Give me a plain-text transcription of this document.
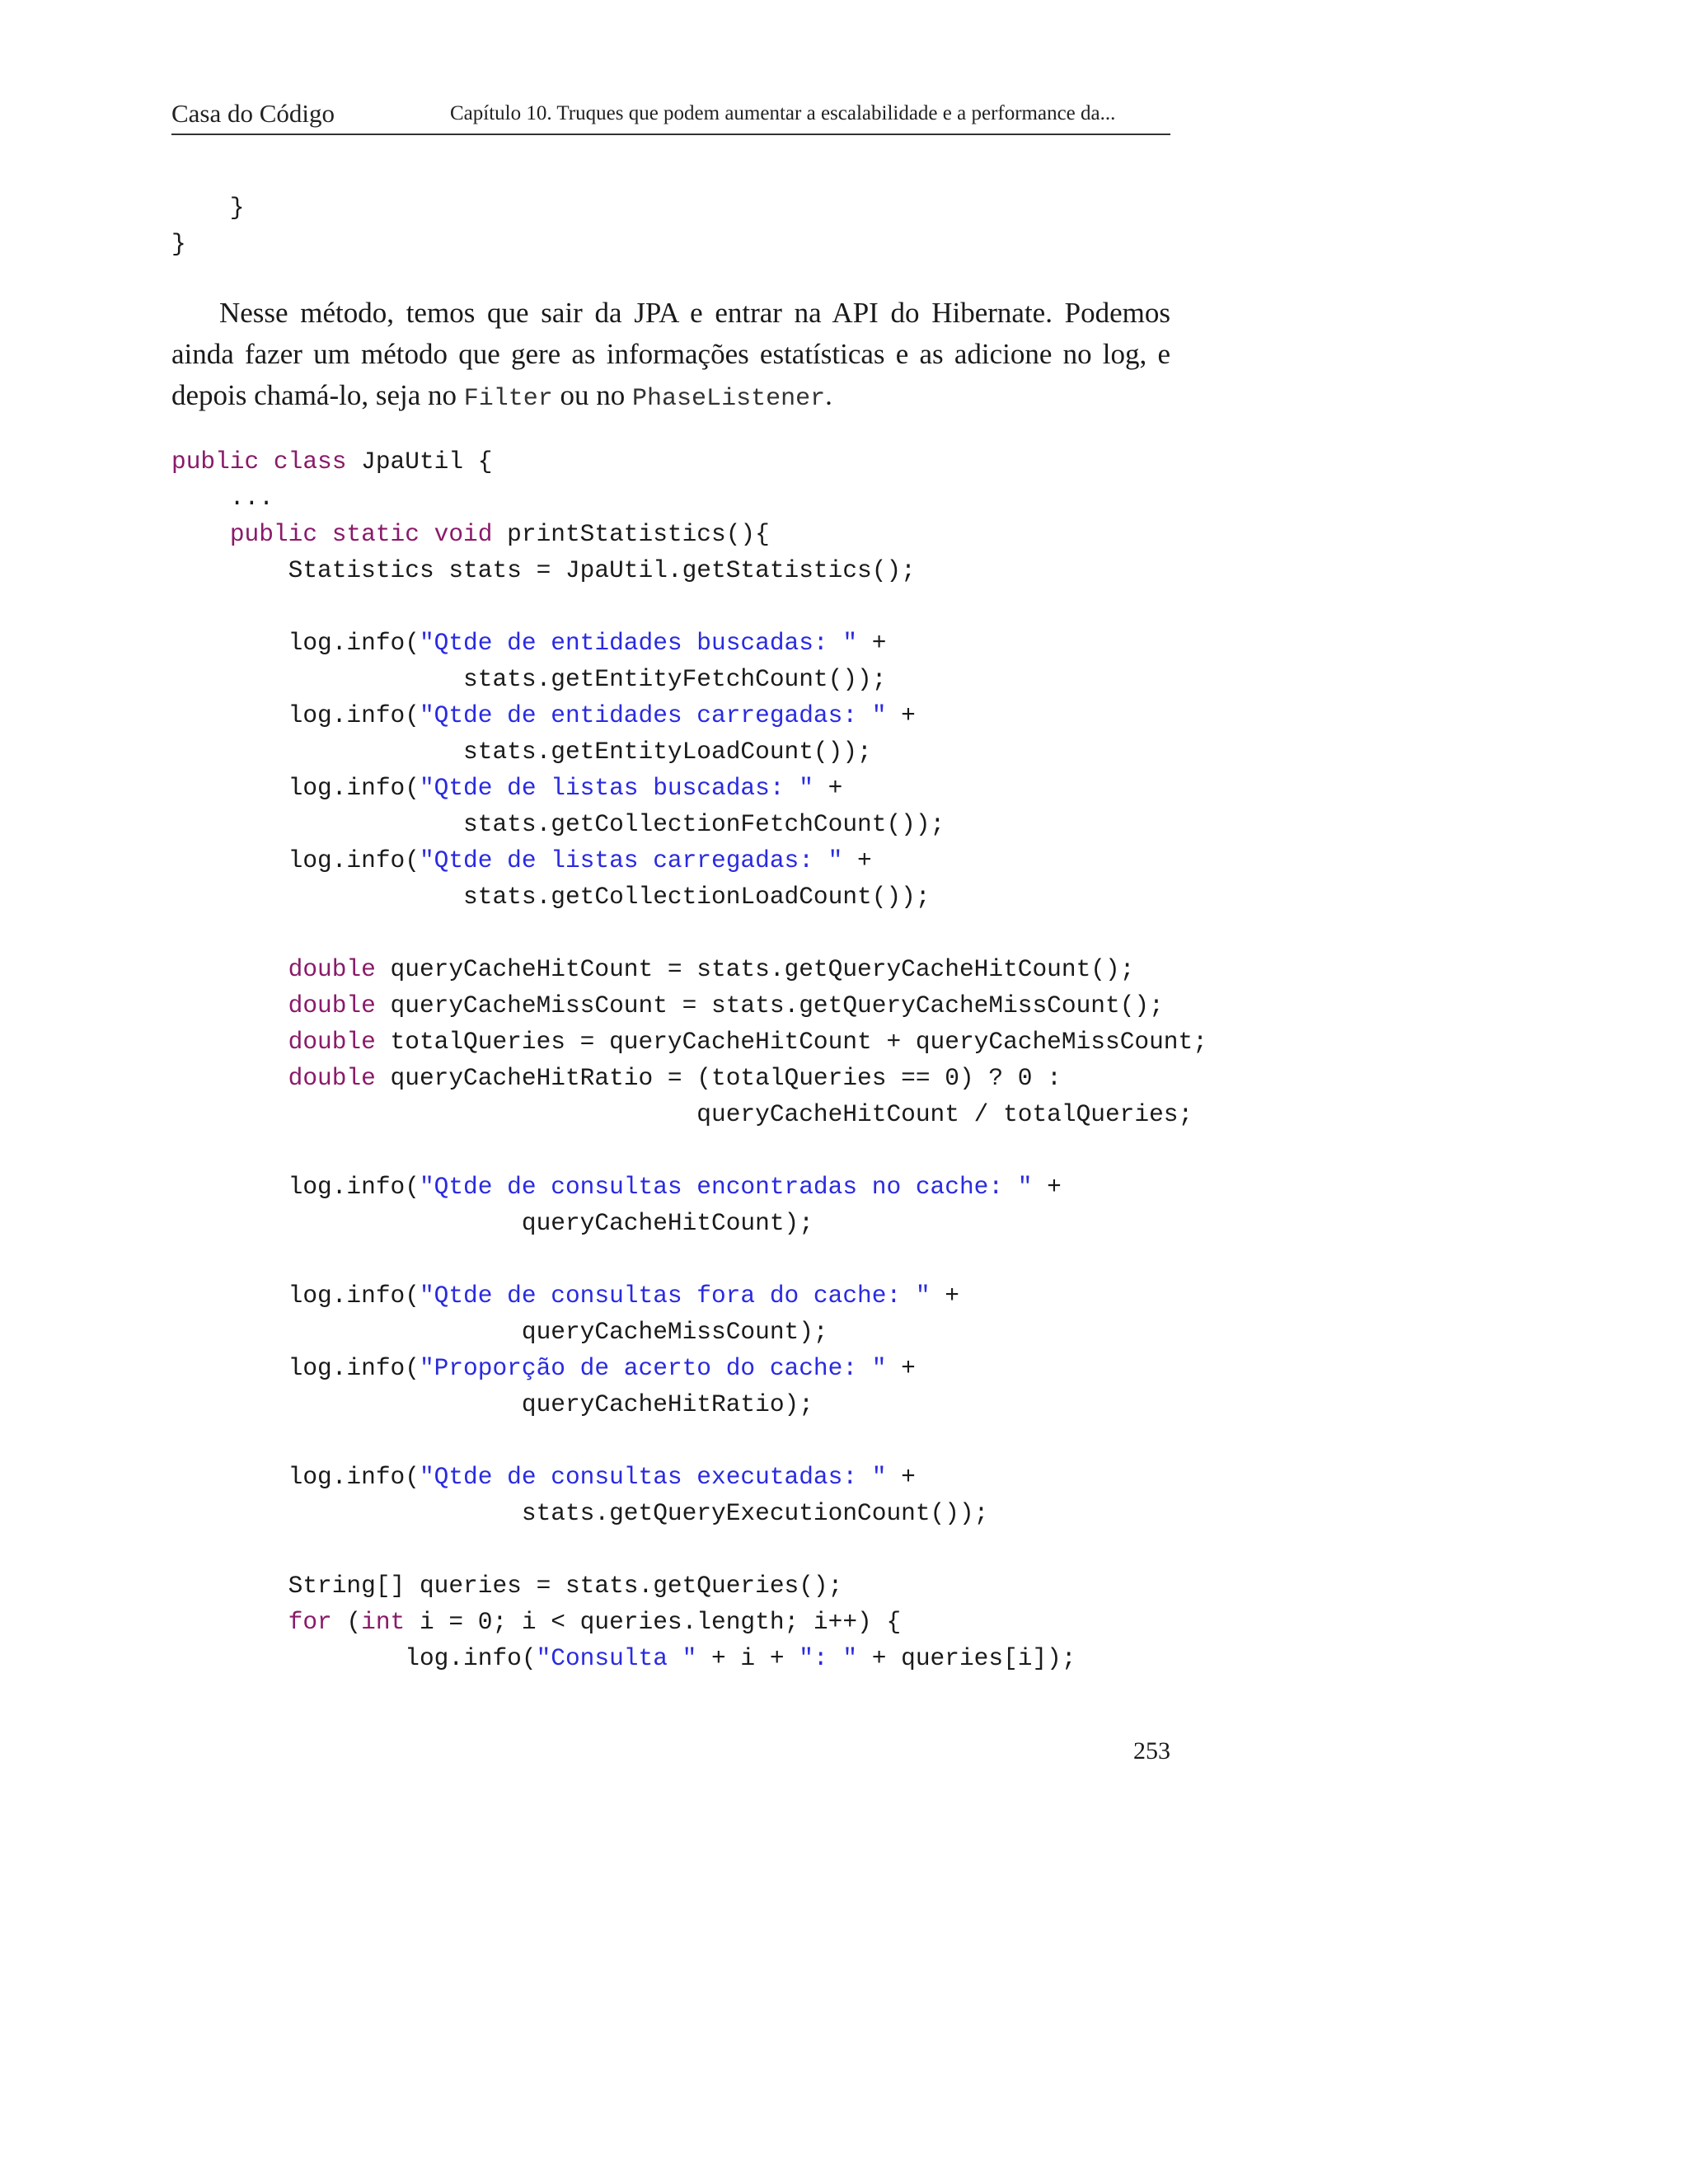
Casa do Código	Capítulo 10. Truques que podem aumentar a escalabilidade e a performance da...
}
}

Nesse método, temos que sair da JPA e entrar na API do Hibernate. Podemos ainda fazer um método que gere as informações estatísticas e as adicione no log, e depois chamá-lo, seja no Filter ou no PhaseListener.

public class JpaUtil {
...
public static void printStatistics(){
Statistics stats = JpaUtil.getStatistics();

log.info("Qtde de entidades buscadas: " +
stats.getEntityFetchCount());
log.info("Qtde de entidades carregadas: " +
stats.getEntityLoadCount());
log.info("Qtde de listas buscadas: " +
stats.getCollectionFetchCount());
log.info("Qtde de listas carregadas: " +
stats.getCollectionLoadCount());

double queryCacheHitCount = stats.getQueryCacheHitCount();
double queryCacheMissCount = stats.getQueryCacheMissCount();
double totalQueries = queryCacheHitCount + queryCacheMissCount;
double queryCacheHitRatio = (totalQueries == 0) ? 0 :
queryCacheHitCount / totalQueries;

log.info("Qtde de consultas encontradas no cache: " +
queryCacheHitCount);

log.info("Qtde de consultas fora do cache: " +
queryCacheMissCount);
log.info("Proporção de acerto do cache: " +
queryCacheHitRatio);

log.info("Qtde de consultas executadas: " +
stats.getQueryExecutionCount());

String[] queries = stats.getQueries();
for (int i = 0; i < queries.length; i++) {
log.info("Consulta " + i + ": " + queries[i]);
253
